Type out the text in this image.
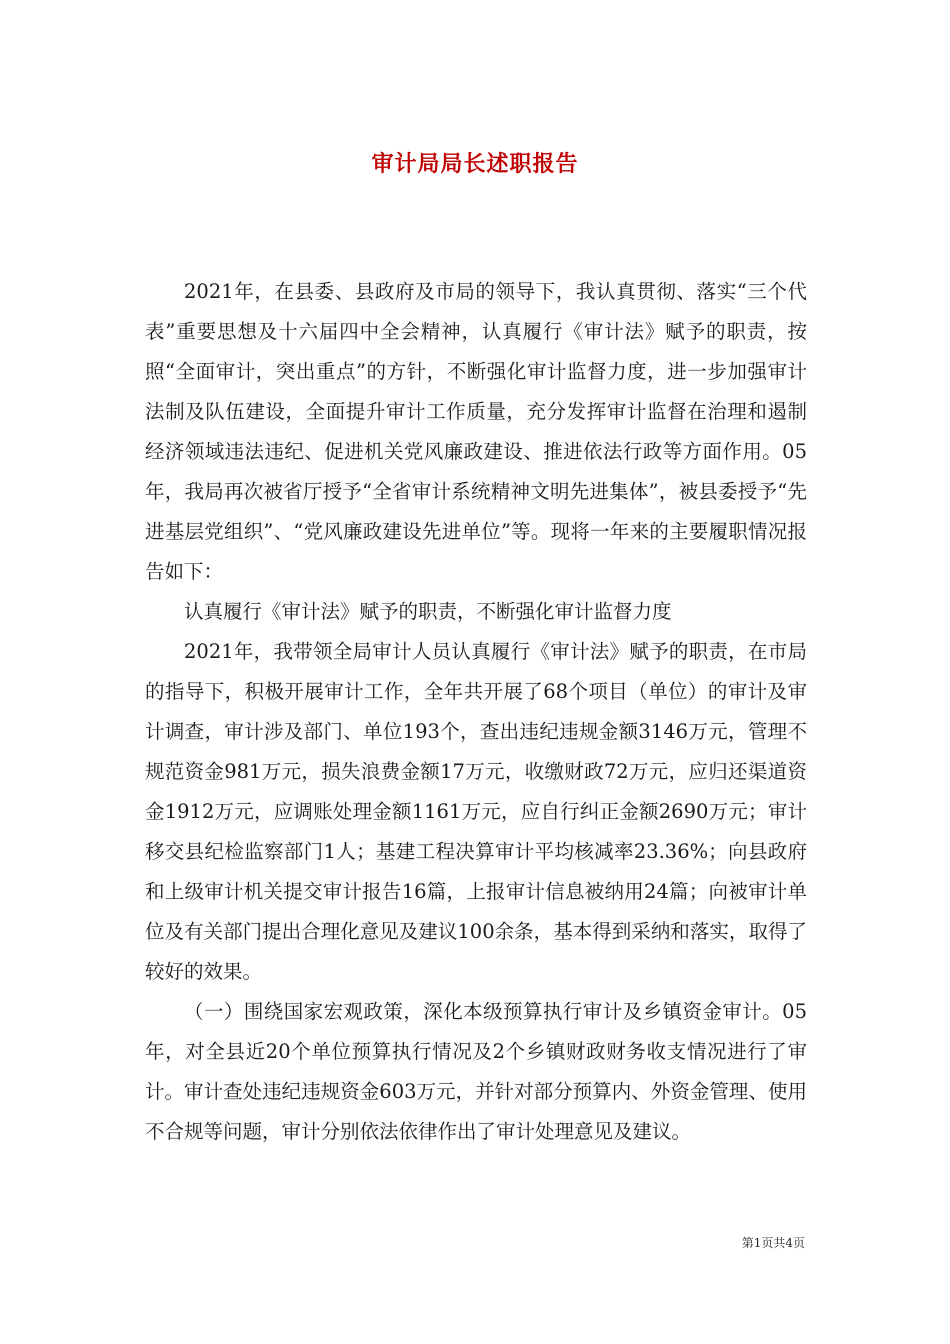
审计局局长述职报告

2021年，在县委、县政府及市局的领导下，我认真贯彻、落实“三个代表”重要思想及十六届四中全会精神，认真履行《审计法》赋予的职责，按照“全面审计，突出重点”的方针，不断强化审计监督力度，进一步加强审计法制及队伍建设，全面提升审计工作质量，充分发挥审计监督在治理和遏制经济领域违法违纪、促进机关党风廉政建设、推进依法行政等方面作用。05年，我局再次被省厅授予“全省审计系统精神文明先进集体”，被县委授予“先进基层党组织”、“党风廉政建设先进单位”等。现将一年来的主要履职情况报告如下：

认真履行《审计法》赋予的职责，不断强化审计监督力度

2021年，我带领全局审计人员认真履行《审计法》赋予的职责，在市局的指导下，积极开展审计工作，全年共开展了68个项目（单位）的审计及审计调查，审计涉及部门、单位193个，查出违纪违规金额3146万元，管理不规范资金981万元，损失浪费金额17万元，收缴财政72万元，应归还渠道资金1912万元，应调账处理金额1161万元，应自行纠正金额2690万元；审计移交县纪检监察部门1人；基建工程决算审计平均核减率23.36%；向县政府和上级审计机关提交审计报告16篇，上报审计信息被纳用24篇；向被审计单位及有关部门提出合理化意见及建议100余条，基本得到采纳和落实，取得了较好的效果。

（一）围绕国家宏观政策，深化本级预算执行审计及乡镇资金审计。05年，对全县近20个单位预算执行情况及2个乡镇财政财务收支情况进行了审计。审计查处违纪违规资金603万元，并针对部分预算内、外资金管理、使用不合规等问题，审计分别依法依律作出了审计处理意见及建议。

第1页共4页
